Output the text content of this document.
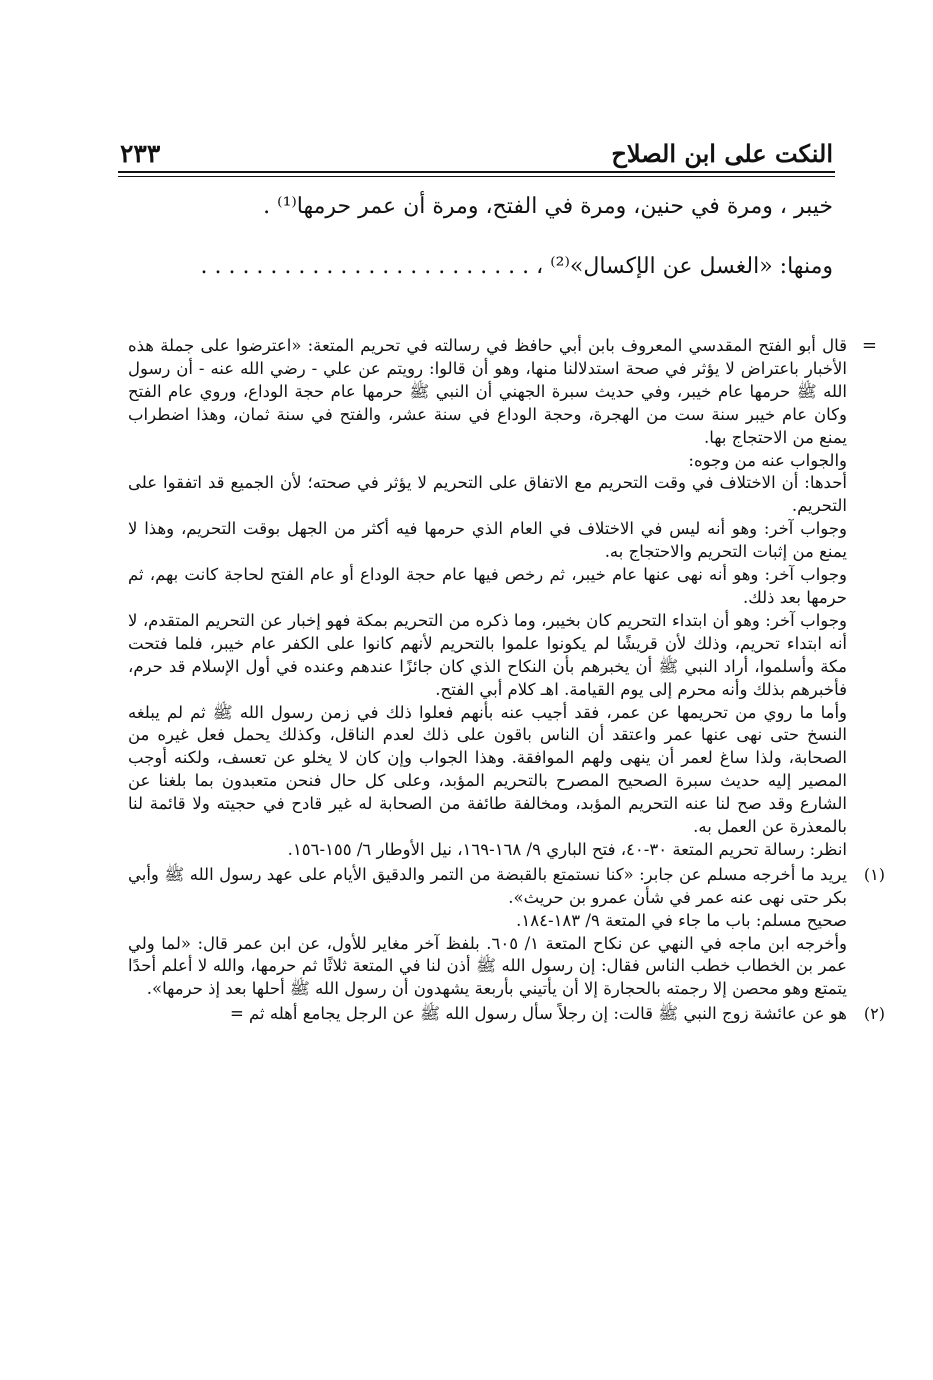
النكت على ابن الصلاح
٢٣٣
خيبر ، ومرة في حنين، ومرة في الفتح، ومرة أن عمر حرمها⁽¹⁾ .
ومنها: «الغسل عن الإكسال»⁽²⁾ ، . . . . . . . . . . . . . . . . . . . . . . . .
=

قال أبو الفتح المقدسي المعروف بابن أبي حافظ في رسالته في تحريم المتعة: «اعترضوا على جملة هذه الأخبار باعتراض لا يؤثر في صحة استدلالنا منها، وهو أن قالوا: رويتم عن علي - رضي الله عنه - أن رسول الله ﷺ حرمها عام خيبر، وفي حديث سبرة الجهني أن النبي ﷺ حرمها عام حجة الوداع، وروي عام الفتح وكان عام خيبر سنة ست من الهجرة، وحجة الوداع في سنة عشر، والفتح في سنة ثمان، وهذا اضطراب يمنع من الاحتجاج بها.

والجواب عنه من وجوه:

أحدها: أن الاختلاف في وقت التحريم مع الاتفاق على التحريم لا يؤثر في صحته؛ لأن الجميع قد اتفقوا على التحريم.

وجواب آخر: وهو أنه ليس في الاختلاف في العام الذي حرمها فيه أكثر من الجهل بوقت التحريم، وهذا لا يمنع من إثبات التحريم والاحتجاج به.

وجواب آخر: وهو أنه نهى عنها عام خيبر، ثم رخص فيها عام حجة الوداع أو عام الفتح لحاجة كانت بهم، ثم حرمها بعد ذلك.

وجواب آخر: وهو أن ابتداء التحريم كان بخيبر، وما ذكره من التحريم بمكة فهو إخبار عن التحريم المتقدم، لا أنه ابتداء تحريم، وذلك لأن قريشًا لم يكونوا علموا بالتحريم لأنهم كانوا على الكفر عام خيبر، فلما فتحت مكة وأسلموا، أراد النبي ﷺ أن يخبرهم بأن النكاح الذي كان جائزًا عندهم وعنده في أول الإسلام قد حرم، فأخبرهم بذلك وأنه محرم إلى يوم القيامة. اهـ كلام أبي الفتح.

وأما ما روي من تحريمها عن عمر، فقد أجيب عنه بأنهم فعلوا ذلك في زمن رسول الله ﷺ ثم لم يبلغه النسخ حتى نهى عنها عمر واعتقد أن الناس باقون على ذلك لعدم الناقل، وكذلك يحمل فعل غيره من الصحابة، ولذا ساغ لعمر أن ينهى ولهم الموافقة. وهذا الجواب وإن كان لا يخلو عن تعسف، ولكنه أوجب المصير إليه حديث سبرة الصحيح المصرح بالتحريم المؤبد، وعلى كل حال فنحن متعبدون بما بلغنا عن الشارع وقد صح لنا عنه التحريم المؤبد، ومخالفة طائفة من الصحابة له غير قادح في حجيته ولا قائمة لنا بالمعذرة عن العمل به.

انظر: رسالة تحريم المتعة ٣٠-٤٠، فتح الباري ٩/ ١٦٨-١٦٩، نيل الأوطار ٦/ ١٥٥-١٥٦.

(١)

يريد ما أخرجه مسلم عن جابر: «كنا نستمتع بالقبضة من التمر والدقيق الأيام على عهد رسول الله ﷺ وأبي بكر حتى نهى عنه عمر في شأن عمرو بن حريث».

صحيح مسلم: باب ما جاء في المتعة ٩/ ١٨٣-١٨٤.

وأخرجه ابن ماجه في النهي عن نكاح المتعة ١/ ٦٠٥. بلفظ آخر مغاير للأول، عن ابن عمر قال: «لما ولي عمر بن الخطاب خطب الناس فقال: إن رسول الله ﷺ أذن لنا في المتعة ثلاثًا ثم حرمها، والله لا أعلم أحدًا يتمتع وهو محصن إلا رجمته بالحجارة إلا أن يأتيني بأربعة يشهدون أن رسول الله ﷺ أحلها بعد إذ حرمها».

(٢)

هو عن عائشة زوج النبي ﷺ قالت: إن رجلاً سأل رسول الله ﷺ عن الرجل يجامع أهله ثم =
